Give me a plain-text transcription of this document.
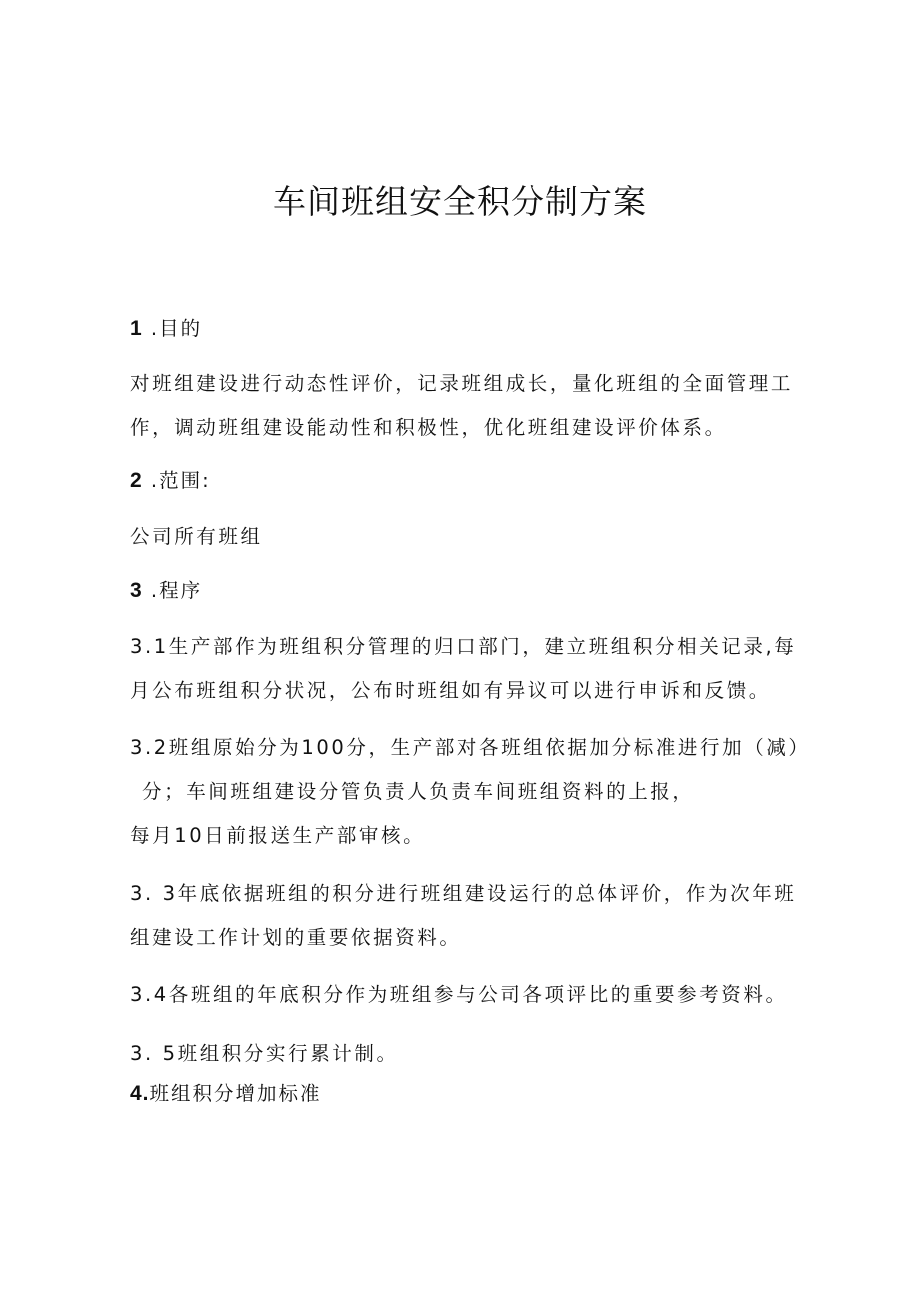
车间班组安全积分制方案

1 .目的

对班组建设进行动态性评价，记录班组成长，量化班组的全面管理工

作，调动班组建设能动性和积极性，优化班组建设评价体系。

2 .范围:

公司所有班组

3 .程序

3.1生产部作为班组积分管理的归口部门，建立班组积分相关记录,每

月公布班组积分状况，公布时班组如有异议可以进行申诉和反馈。

3.2班组原始分为100分，生产部对各班组依据加分标准进行加（减）

分；车间班组建设分管负责人负责车间班组资料的上报，

每月10日前报送生产部审核。

3. 3年底依据班组的积分进行班组建设运行的总体评价，作为次年班

组建设工作计划的重要依据资料。

3.4各班组的年底积分作为班组参与公司各项评比的重要参考资料。

3. 5班组积分实行累计制。

4.班组积分增加标准
